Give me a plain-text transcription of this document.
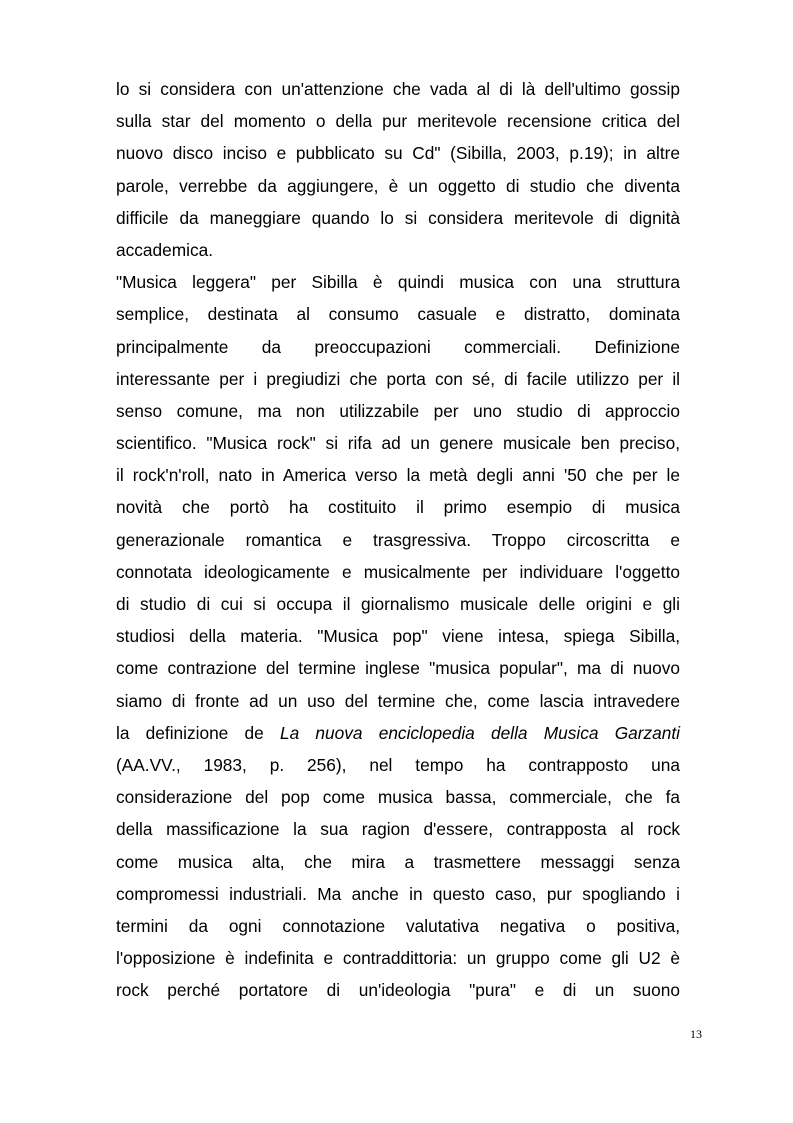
lo si considera con un'attenzione che vada al di là dell'ultimo gossip
sulla star del momento o della pur meritevole recensione critica del
nuovo disco inciso e pubblicato su Cd" (Sibilla, 2003, p.19); in altre
parole, verrebbe da aggiungere, è un oggetto di studio che diventa
difficile da maneggiare quando lo si considera meritevole di dignità
accademica.
"Musica leggera" per Sibilla è quindi musica con una struttura
semplice, destinata al consumo casuale e distratto, dominata
principalmente da preoccupazioni commerciali. Definizione
interessante per i pregiudizi che porta con sé, di facile utilizzo per il
senso comune, ma non utilizzabile per uno studio di approccio
scientifico. "Musica rock" si rifa ad un genere musicale ben preciso,
il rock'n'roll, nato in America verso la metà degli anni '50 che per le
novità che portò ha costituito il primo esempio di musica
generazionale romantica e trasgressiva. Troppo circoscritta e
connotata ideologicamente e musicalmente per individuare l'oggetto
di studio di cui si occupa il giornalismo musicale delle origini e gli
studiosi della materia. "Musica pop" viene intesa, spiega Sibilla,
come contrazione del termine inglese "musica popular", ma di nuovo
siamo di fronte ad un uso del termine che, come lascia intravedere
la definizione de La nuova enciclopedia della Musica Garzanti
(AA.VV., 1983, p. 256), nel tempo ha contrapposto una
considerazione del pop come musica bassa, commerciale, che fa
della massificazione la sua ragion d'essere, contrapposta al rock
come musica alta, che mira a trasmettere messaggi senza
compromessi industriali. Ma anche in questo caso, pur spogliando i
termini da ogni connotazione valutativa negativa o positiva,
l'opposizione è indefinita e contraddittoria: un gruppo come gli U2 è
rock perché portatore di un'ideologia "pura" e di un suono
13
